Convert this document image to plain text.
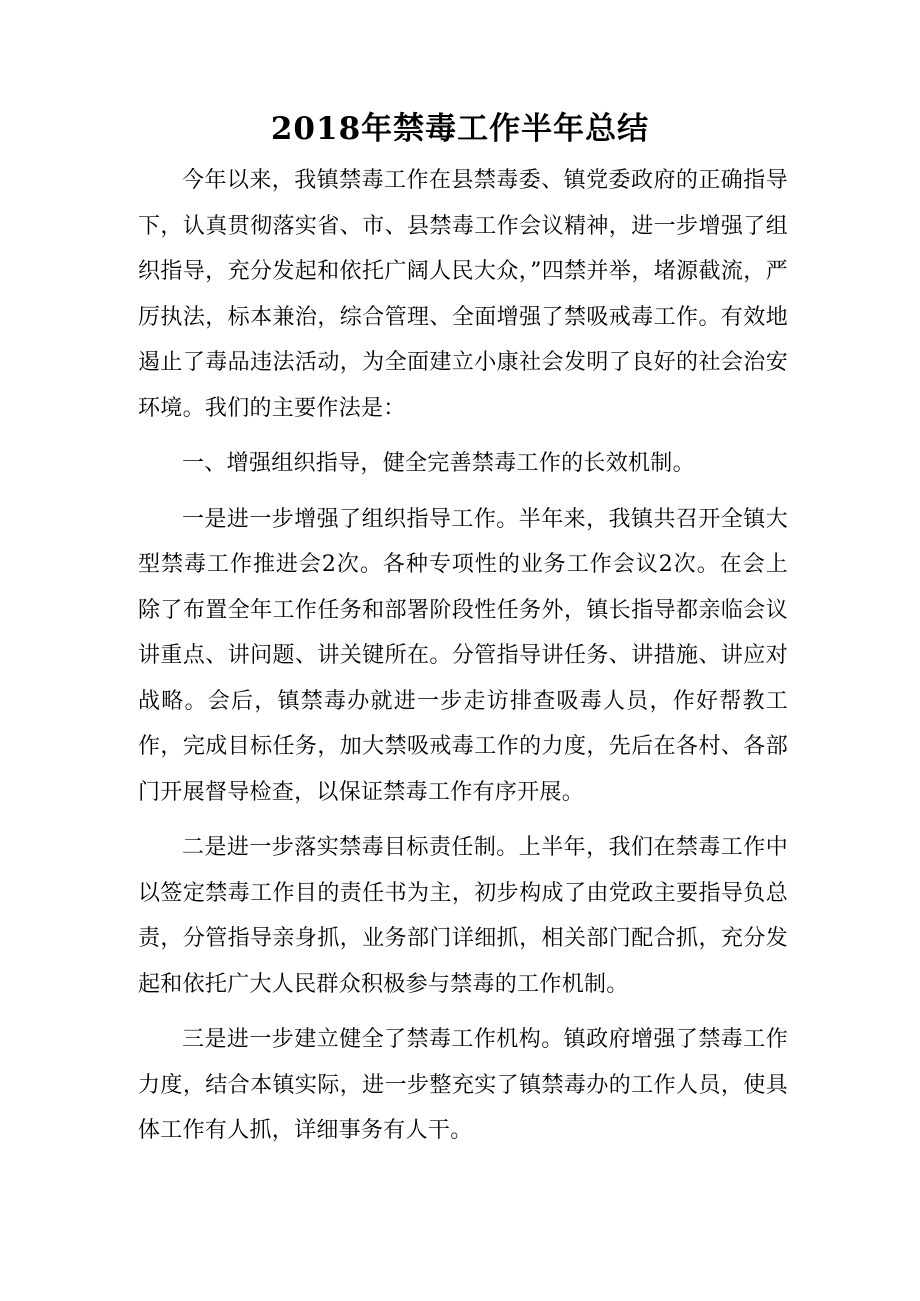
2018年禁毒工作半年总结

今年以来，我镇禁毒工作在县禁毒委、镇党委政府的正确指导下，认真贯彻落实省、市、县禁毒工作会议精神，进一步增强了组织指导，充分发起和依托广阔人民大众，”四禁并举，堵源截流，严厉执法，标本兼治，综合管理、全面增强了禁吸戒毒工作。有效地遏止了毒品违法活动，为全面建立小康社会发明了良好的社会治安环境。我们的主要作法是：

一、增强组织指导，健全完善禁毒工作的长效机制。

一是进一步增强了组织指导工作。半年来，我镇共召开全镇大型禁毒工作推进会2次。各种专项性的业务工作会议2次。在会上除了布置全年工作任务和部署阶段性任务外，镇长指导都亲临会议讲重点、讲问题、讲关键所在。分管指导讲任务、讲措施、讲应对战略。会后，镇禁毒办就进一步走访排查吸毒人员，作好帮教工作，完成目标任务，加大禁吸戒毒工作的力度，先后在各村、各部门开展督导检查，以保证禁毒工作有序开展。

二是进一步落实禁毒目标责任制。上半年，我们在禁毒工作中以签定禁毒工作目的责任书为主，初步构成了由党政主要指导负总责，分管指导亲身抓，业务部门详细抓，相关部门配合抓，充分发起和依托广大人民群众积极参与禁毒的工作机制。

三是进一步建立健全了禁毒工作机构。镇政府增强了禁毒工作力度，结合本镇实际，进一步整充实了镇禁毒办的工作人员，使具体工作有人抓，详细事务有人干。
